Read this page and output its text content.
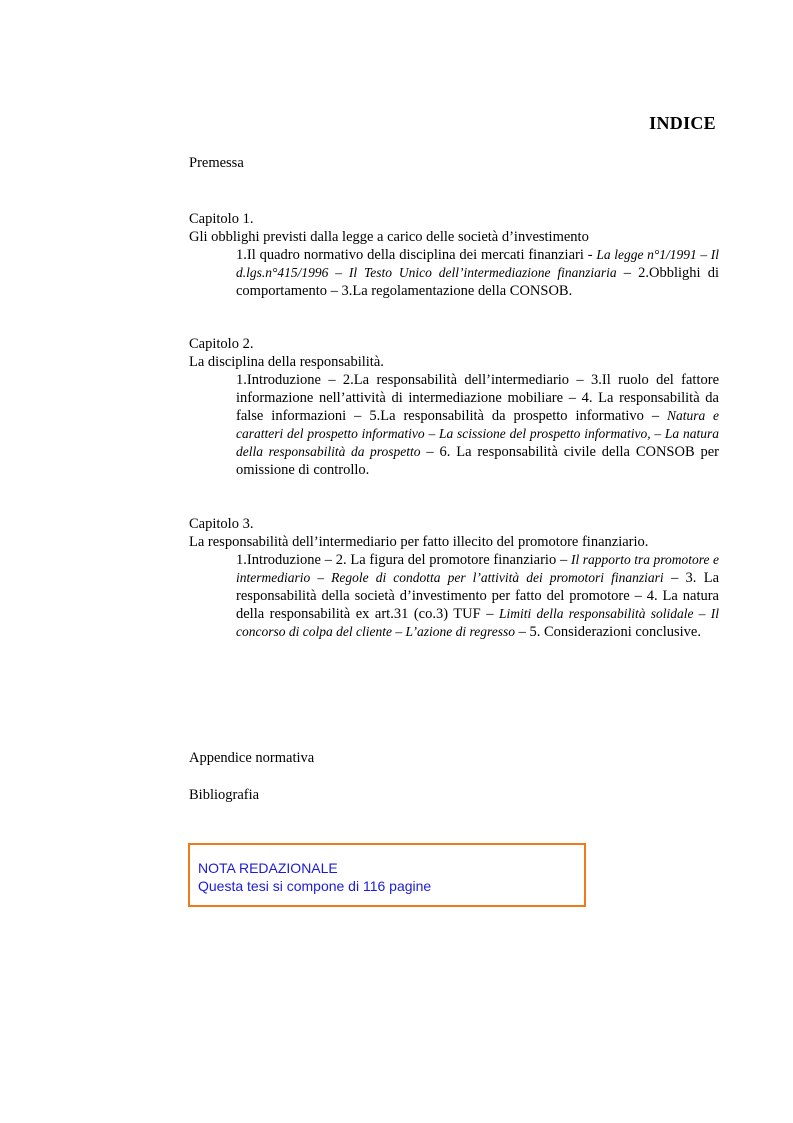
INDICE
Premessa
Capitolo 1.
Gli obblighi previsti dalla legge a carico delle società d’investimento
1.Il quadro normativo della disciplina dei mercati finanziari - La legge n°1/1991 – Il d.lgs.n°415/1996 – Il Testo Unico dell’intermediazione finanziaria – 2.Obblighi di comportamento – 3.La regolamentazione della CONSOB.
Capitolo 2.
La disciplina della responsabilità.
1.Introduzione – 2.La responsabilità dell’intermediario – 3.Il ruolo del fattore informazione nell’attività di intermediazione mobiliare – 4. La responsabilità da false informazioni – 5.La responsabilità da prospetto informativo – Natura e caratteri del prospetto informativo – La scissione del prospetto informativo, – La natura della responsabilità da prospetto – 6. La responsabilità civile della CONSOB per omissione di controllo.
Capitolo 3.
La responsabilità dell’intermediario per fatto illecito del promotore finanziario.
1.Introduzione – 2. La figura del promotore finanziario – Il rapporto tra promotore e intermediario – Regole di condotta per l’attività dei promotori finanziari – 3. La responsabilità della società d’investimento per fatto del promotore – 4. La natura della responsabilità ex art.31 (co.3) TUF – Limiti della responsabilità solidale – Il concorso di colpa del cliente – L’azione di regresso – 5. Considerazioni conclusive.
Appendice normativa
Bibliografia
NOTA REDAZIONALE
Questa tesi si compone di 116 pagine
